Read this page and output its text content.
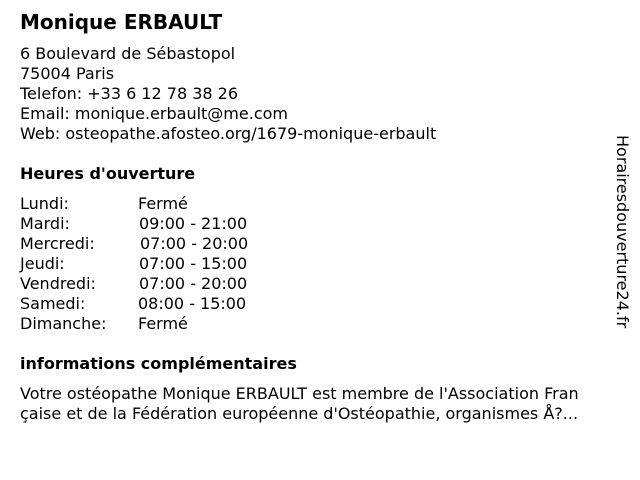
Monique ERBAULT
6 Boulevard de Sébastopol
75004 Paris
Telefon: +33 6 12 78 38 26
Email: monique.erbault@me.com
Web: osteopathe.afosteo.org/1679-monique-erbault
Heures d'ouverture
Lundi:	Fermé
Mardi:	09:00 - 21:00
Mercredi:	07:00 - 20:00
Jeudi:	07:00 - 15:00
Vendredi:	07:00 - 20:00
Samedi:	08:00 - 15:00
Dimanche: Fermé
informations complémentaires
Votre ostéopathe Monique ERBAULT est membre de l'Association Fran
çaise et de la Fédération européenne d'Ostéopathie, organismes Å?...
Horairesdouverture24.fr
